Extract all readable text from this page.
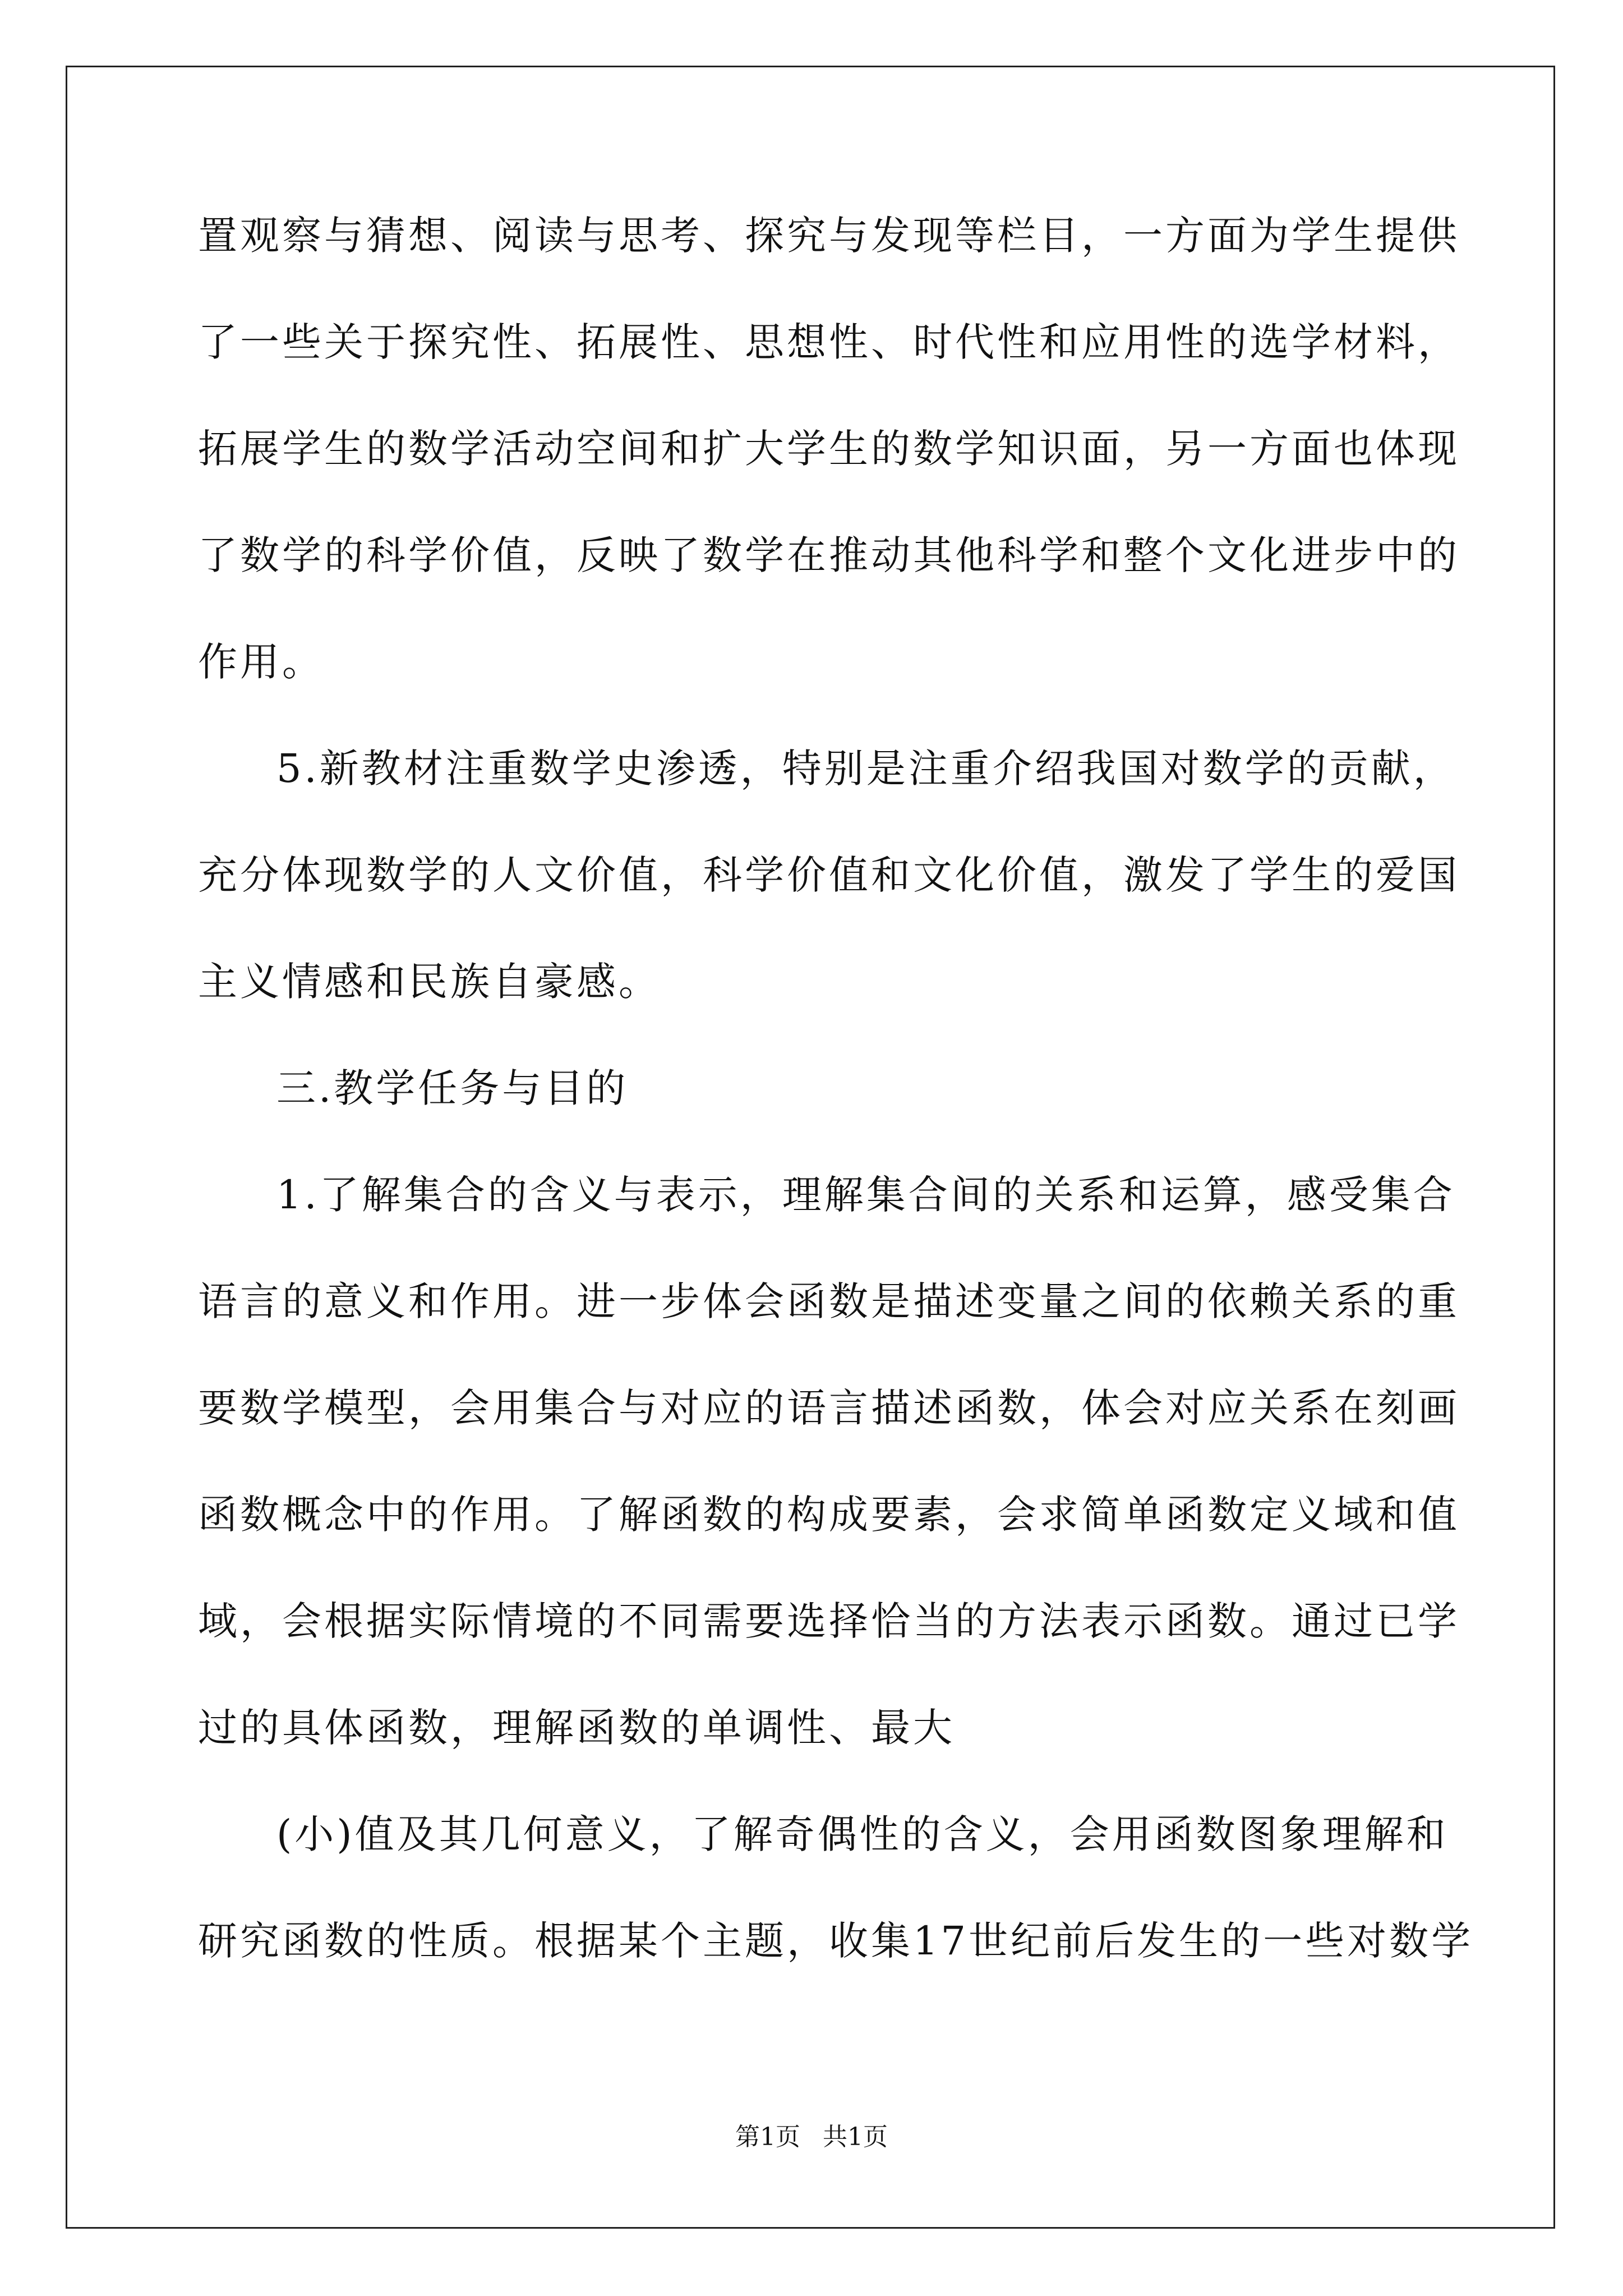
置观察与猜想、阅读与思考、探究与发现等栏目，一方面为学生提供
了一些关于探究性、拓展性、思想性、时代性和应用性的选学材料，
拓展学生的数学活动空间和扩大学生的数学知识面，另一方面也体现
了数学的科学价值，反映了数学在推动其他科学和整个文化进步中的
作用。
5.新教材注重数学史渗透，特别是注重介绍我国对数学的贡献，
充分体现数学的人文价值，科学价值和文化价值，激发了学生的爱国
主义情感和民族自豪感。
三.教学任务与目的
1.了解集合的含义与表示，理解集合间的关系和运算，感受集合
语言的意义和作用。进一步体会函数是描述变量之间的依赖关系的重
要数学模型，会用集合与对应的语言描述函数，体会对应关系在刻画
函数概念中的作用。了解函数的构成要素，会求简单函数定义域和值
域，会根据实际情境的不同需要选择恰当的方法表示函数。通过已学
过的具体函数，理解函数的单调性、最大
(小)值及其几何意义，了解奇偶性的含义，会用函数图象理解和
研究函数的性质。根据某个主题，收集17世纪前后发生的一些对数学
第1页 共1页
